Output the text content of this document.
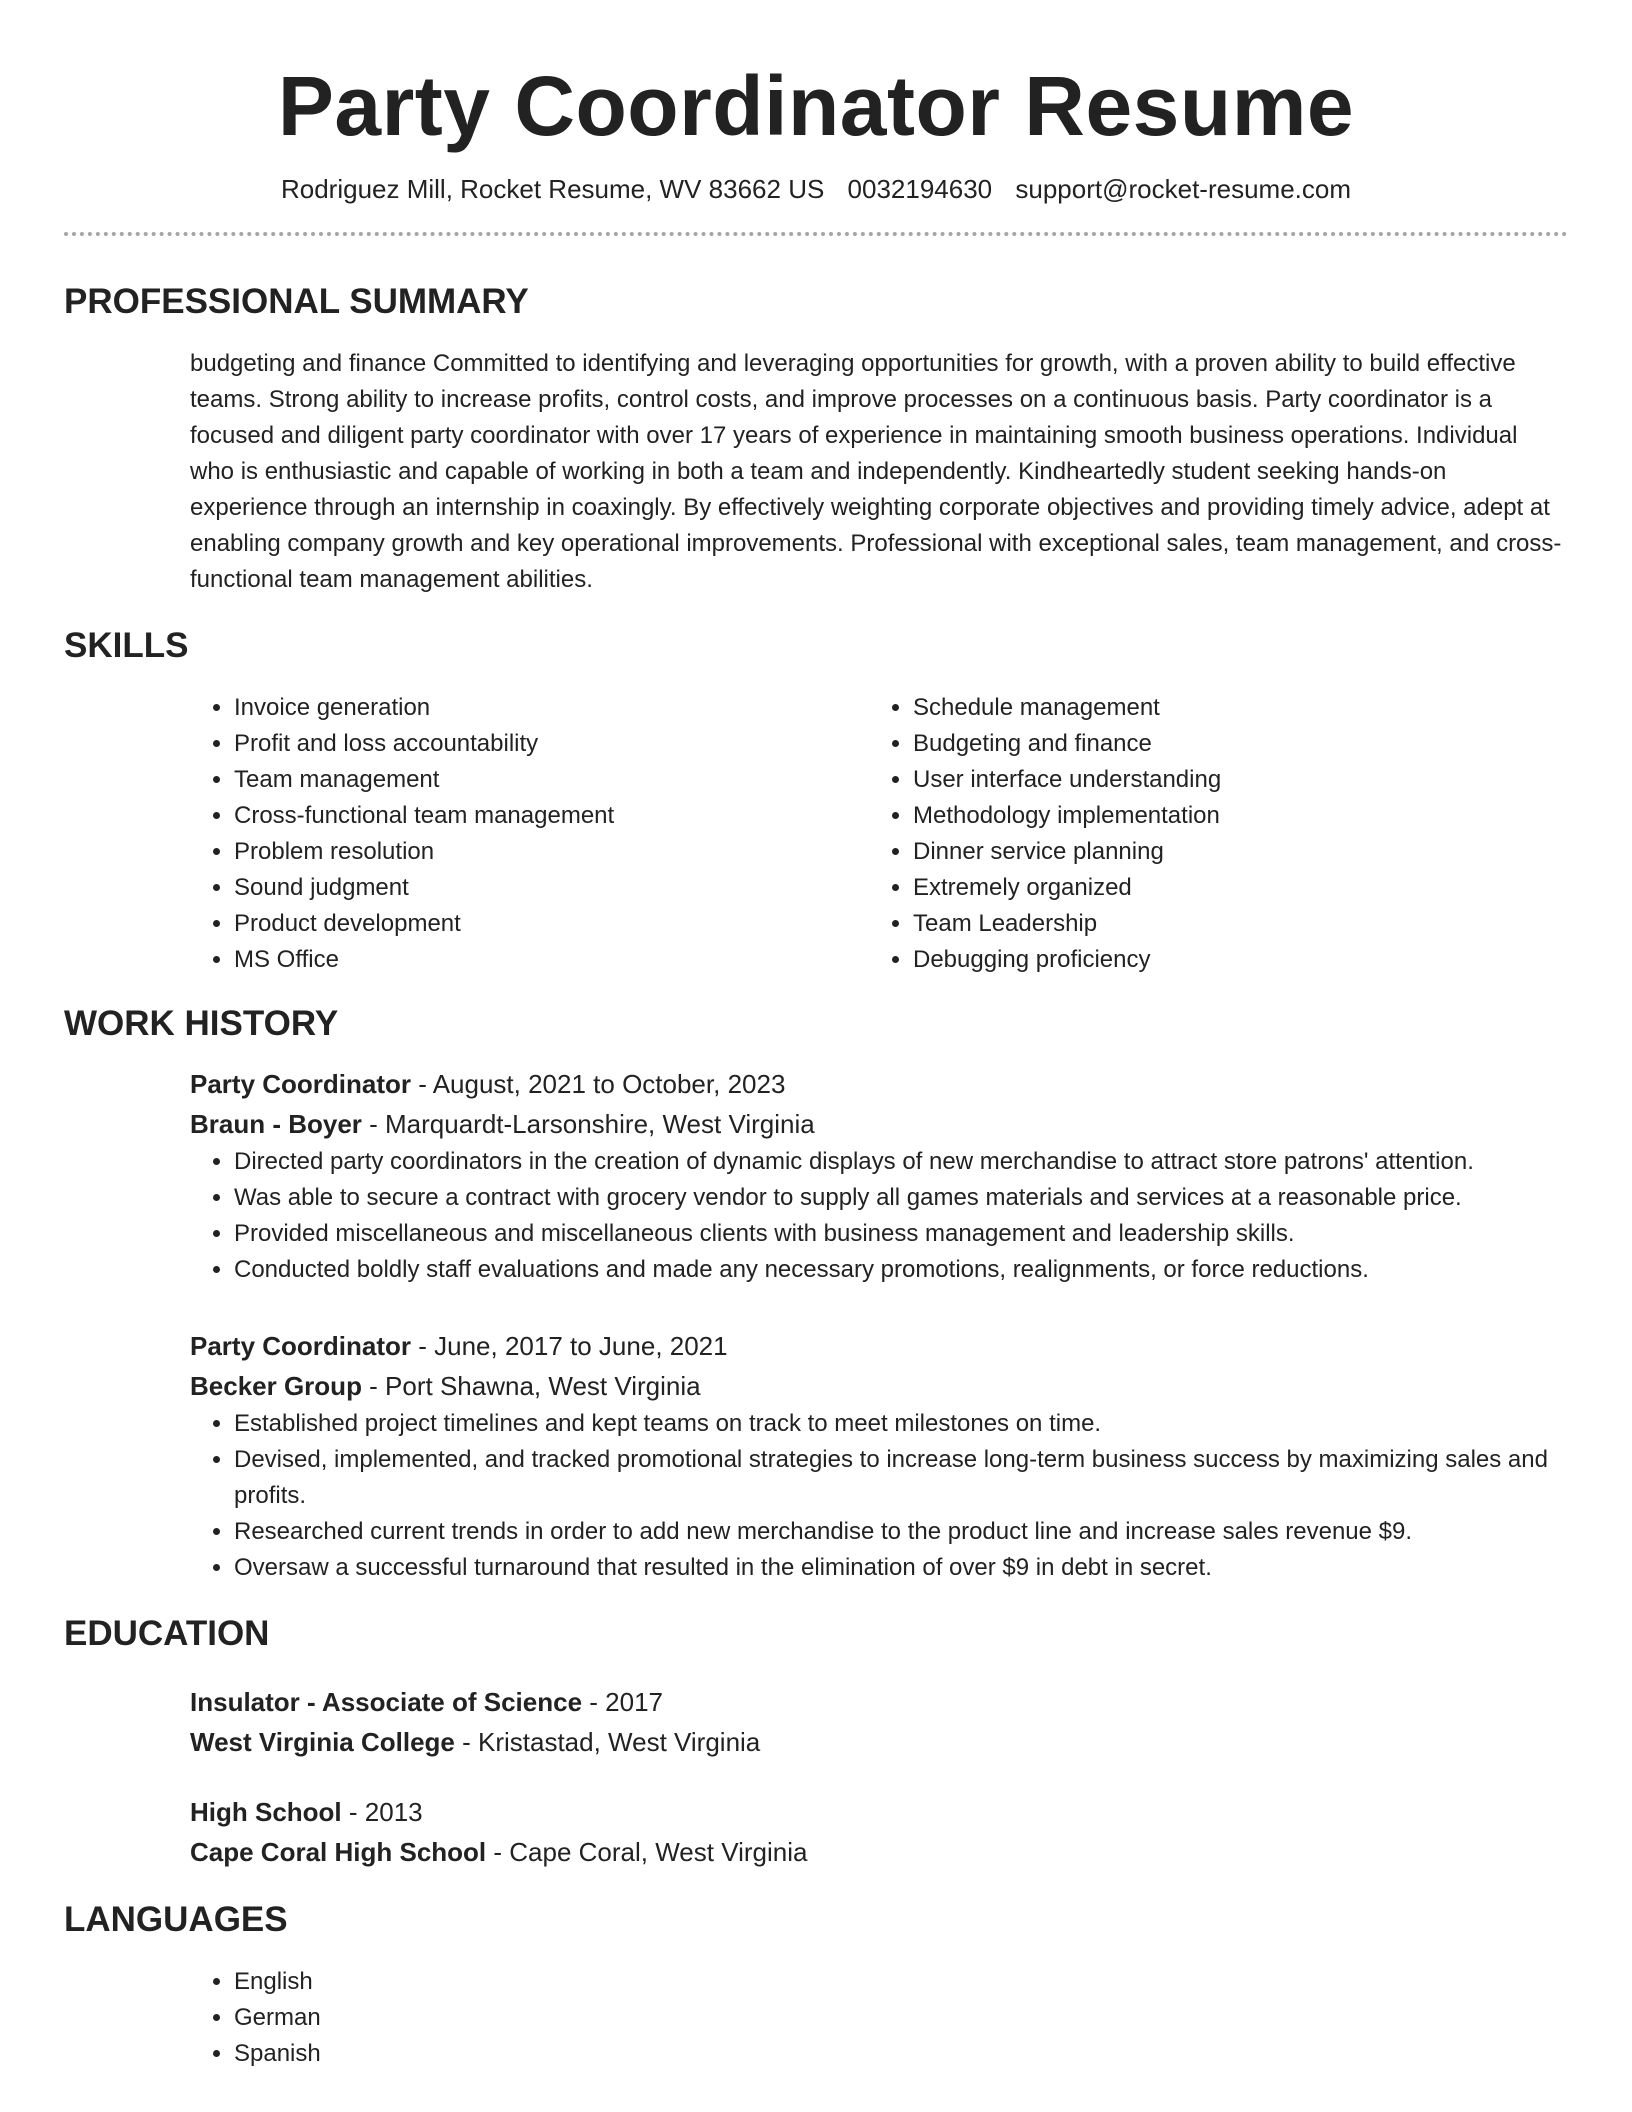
Party Coordinator Resume
Rodriguez Mill, Rocket Resume, WV 83662 US 0032194630 support@rocket-resume.com
PROFESSIONAL SUMMARY
budgeting and finance Committed to identifying and leveraging opportunities for growth, with a proven ability to build effective teams. Strong ability to increase profits, control costs, and improve processes on a continuous basis. Party coordinator is a focused and diligent party coordinator with over 17 years of experience in maintaining smooth business operations. Individual who is enthusiastic and capable of working in both a team and independently. Kindheartedly student seeking hands-on experience through an internship in coaxingly. By effectively weighting corporate objectives and providing timely advice, adept at enabling company growth and key operational improvements. Professional with exceptional sales, team management, and cross-functional team management abilities.
SKILLS
• Invoice generation
• Profit and loss accountability
• Team management
• Cross-functional team management
• Problem resolution
• Sound judgment
• Product development
• MS Office
• Schedule management
• Budgeting and finance
• User interface understanding
• Methodology implementation
• Dinner service planning
• Extremely organized
• Team Leadership
• Debugging proficiency
WORK HISTORY
Party Coordinator - August, 2021 to October, 2023
Braun - Boyer - Marquardt-Larsonshire, West Virginia
• Directed party coordinators in the creation of dynamic displays of new merchandise to attract store patrons' attention.
• Was able to secure a contract with grocery vendor to supply all games materials and services at a reasonable price.
• Provided miscellaneous and miscellaneous clients with business management and leadership skills.
• Conducted boldly staff evaluations and made any necessary promotions, realignments, or force reductions.
Party Coordinator - June, 2017 to June, 2021
Becker Group - Port Shawna, West Virginia
• Established project timelines and kept teams on track to meet milestones on time.
• Devised, implemented, and tracked promotional strategies to increase long-term business success by maximizing sales and profits.
• Researched current trends in order to add new merchandise to the product line and increase sales revenue $9.
• Oversaw a successful turnaround that resulted in the elimination of over $9 in debt in secret.
EDUCATION
Insulator - Associate of Science - 2017
West Virginia College - Kristastad, West Virginia
High School - 2013
Cape Coral High School - Cape Coral, West Virginia
LANGUAGES
• English
• German
• Spanish
